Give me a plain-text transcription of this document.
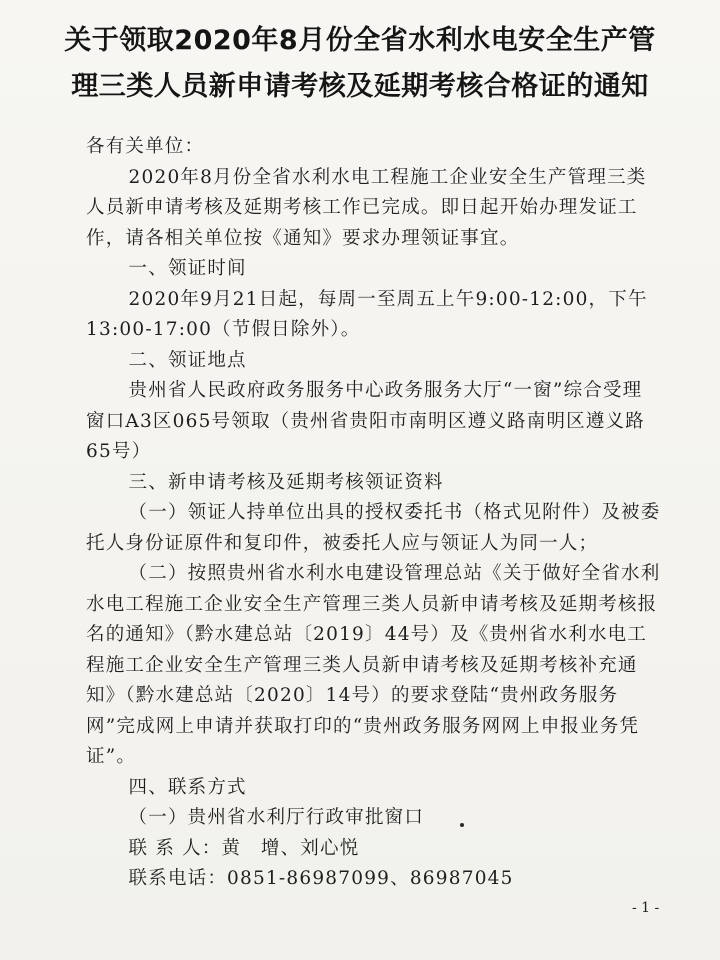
关于领取2020年8月份全省水利水电安全生产管
理三类人员新申请考核及延期考核合格证的通知

各有关单位：

2020年8月份全省水利水电工程施工企业安全生产管理三类人员新申请考核及延期考核工作已完成。即日起开始办理发证工作，请各相关单位按《通知》要求办理领证事宜。

一、领证时间

2020年9月21日起，每周一至周五上午9:00-12:00，下午13:00-17:00（节假日除外）。

二、领证地点

贵州省人民政府政务服务中心政务服务大厅“一窗”综合受理窗口A3区065号领取（贵州省贵阳市南明区遵义路南明区遵义路65号）

三、新申请考核及延期考核领证资料

（一）领证人持单位出具的授权委托书（格式见附件）及被委托人身份证原件和复印件，被委托人应与领证人为同一人；

（二）按照贵州省水利水电建设管理总站《关于做好全省水利水电工程施工企业安全生产管理三类人员新申请考核及延期考核报名的通知》（黔水建总站〔2019〕44号）及《贵州省水利水电工程施工企业安全生产管理三类人员新申请考核及延期考核补充通知》（黔水建总站〔2020〕14号）的要求登陆“贵州政务服务网”完成网上申请并获取打印的“贵州政务服务网网上申报业务凭证”。

四、联系方式

（一）贵州省水利厅行政审批窗口

联 系 人：黄　增、刘心悦

联系电话：0851-86987099、86987045

- 1 -
